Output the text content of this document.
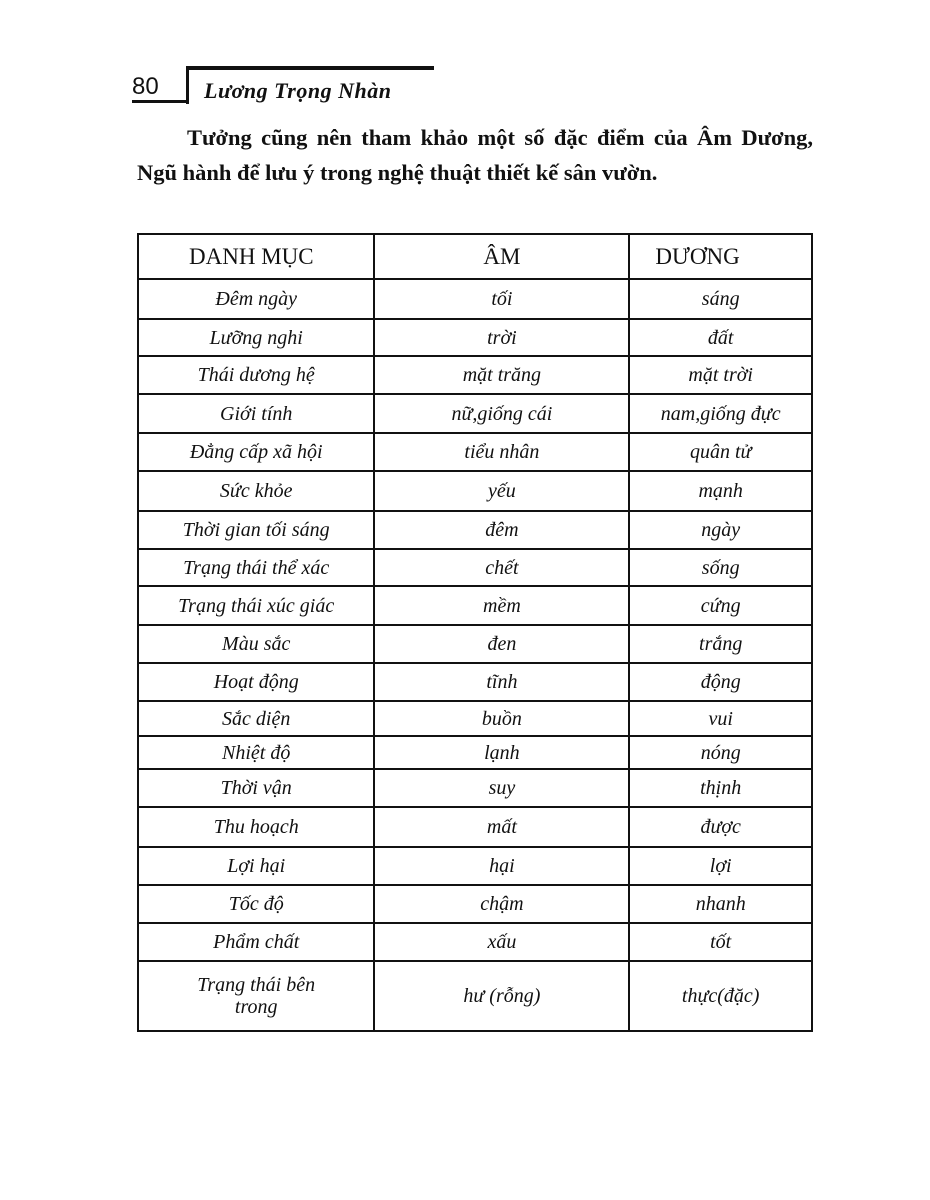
80	Lương Trọng Nhàn

Tưởng cũng nên tham khảo một số đặc điểm của Âm Dương, Ngũ hành để lưu ý trong nghệ thuật thiết kế sân vườn.

DANH MỤC	ÂM	DƯƠNG
Đêm ngày	tối	sáng
Lưỡng nghi	trời	đất
Thái dương hệ	mặt trăng	mặt trời
Giới tính	nữ,giống cái	nam,giống đực
Đẳng cấp xã hội	tiểu nhân	quân tử
Sức khỏe	yếu	mạnh
Thời gian tối sáng	đêm	ngày
Trạng thái thể xác	chết	sống
Trạng thái xúc giác	mềm	cứng
Màu sắc	đen	trắng
Hoạt động	tĩnh	động
Sắc diện	buồn	vui
Nhiệt độ	lạnh	nóng
Thời vận	suy	thịnh
Thu hoạch	mất	được
Lợi hại	hại	lợi
Tốc độ	chậm	nhanh
Phẩm chất	xấu	tốt
Trạng thái bên trong	hư (rỗng)	thực(đặc)
